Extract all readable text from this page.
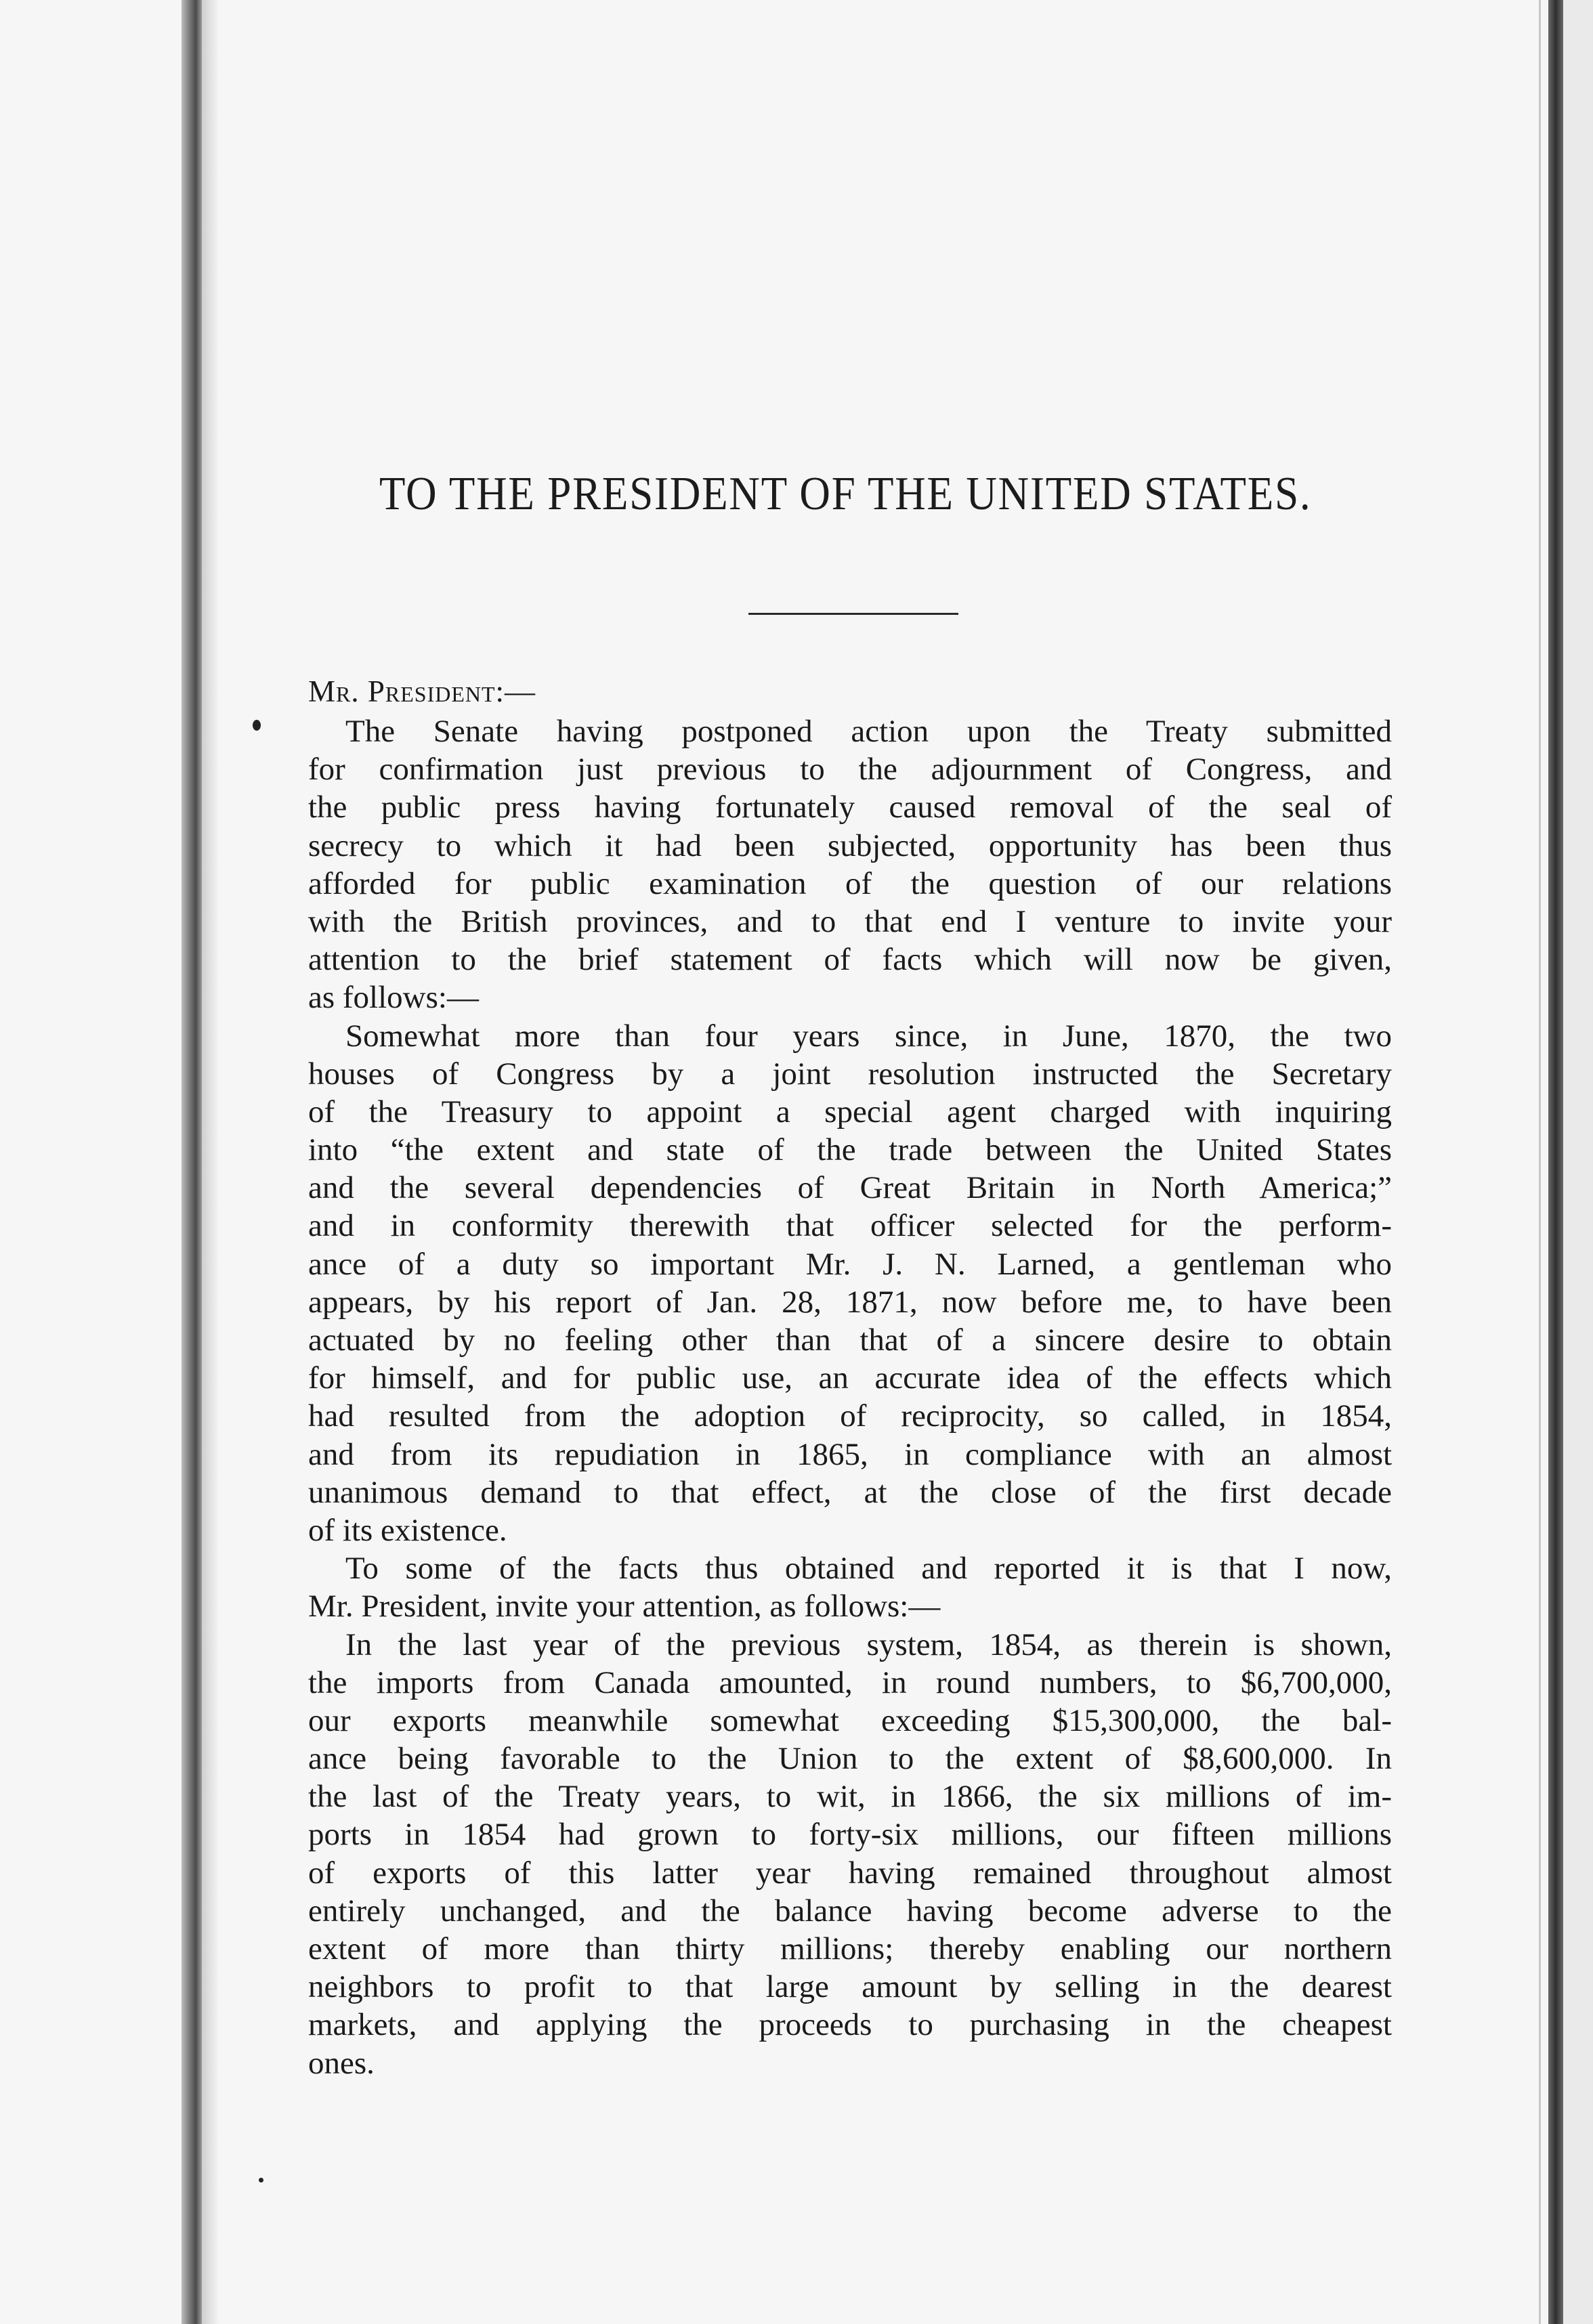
TO THE PRESIDENT OF THE UNITED STATES.
Mr. President:—
The Senate having postponed action upon the Treaty submitted
for confirmation just previous to the adjournment of Congress, and
the public press having fortunately caused removal of the seal of
secrecy to which it had been subjected, opportunity has been thus
afforded for public examination of the question of our relations
with the British provinces, and to that end I venture to invite your
attention to the brief statement of facts which will now be given,
as follows:—
Somewhat more than four years since, in June, 1870, the two
houses of Congress by a joint resolution instructed the Secretary
of the Treasury to appoint a special agent charged with inquiring
into “the extent and state of the trade between the United States
and the several dependencies of Great Britain in North America;”
and in conformity therewith that officer selected for the perform-
ance of a duty so important Mr. J. N. Larned, a gentleman who
appears, by his report of Jan. 28, 1871, now before me, to have been
actuated by no feeling other than that of a sincere desire to obtain
for himself, and for public use, an accurate idea of the effects which
had resulted from the adoption of reciprocity, so called, in 1854,
and from its repudiation in 1865, in compliance with an almost
unanimous demand to that effect, at the close of the first decade
of its existence.
To some of the facts thus obtained and reported it is that I now,
Mr. President, invite your attention, as follows:—
In the last year of the previous system, 1854, as therein is shown,
the imports from Canada amounted, in round numbers, to $6,700,000,
our exports meanwhile somewhat exceeding $15,300,000, the bal-
ance being favorable to the Union to the extent of $8,600,000. In
the last of the Treaty years, to wit, in 1866, the six millions of im-
ports in 1854 had grown to forty-six millions, our fifteen millions
of exports of this latter year having remained throughout almost
entirely unchanged, and the balance having become adverse to the
extent of more than thirty millions; thereby enabling our northern
neighbors to profit to that large amount by selling in the dearest
markets, and applying the proceeds to purchasing in the cheapest
ones.
